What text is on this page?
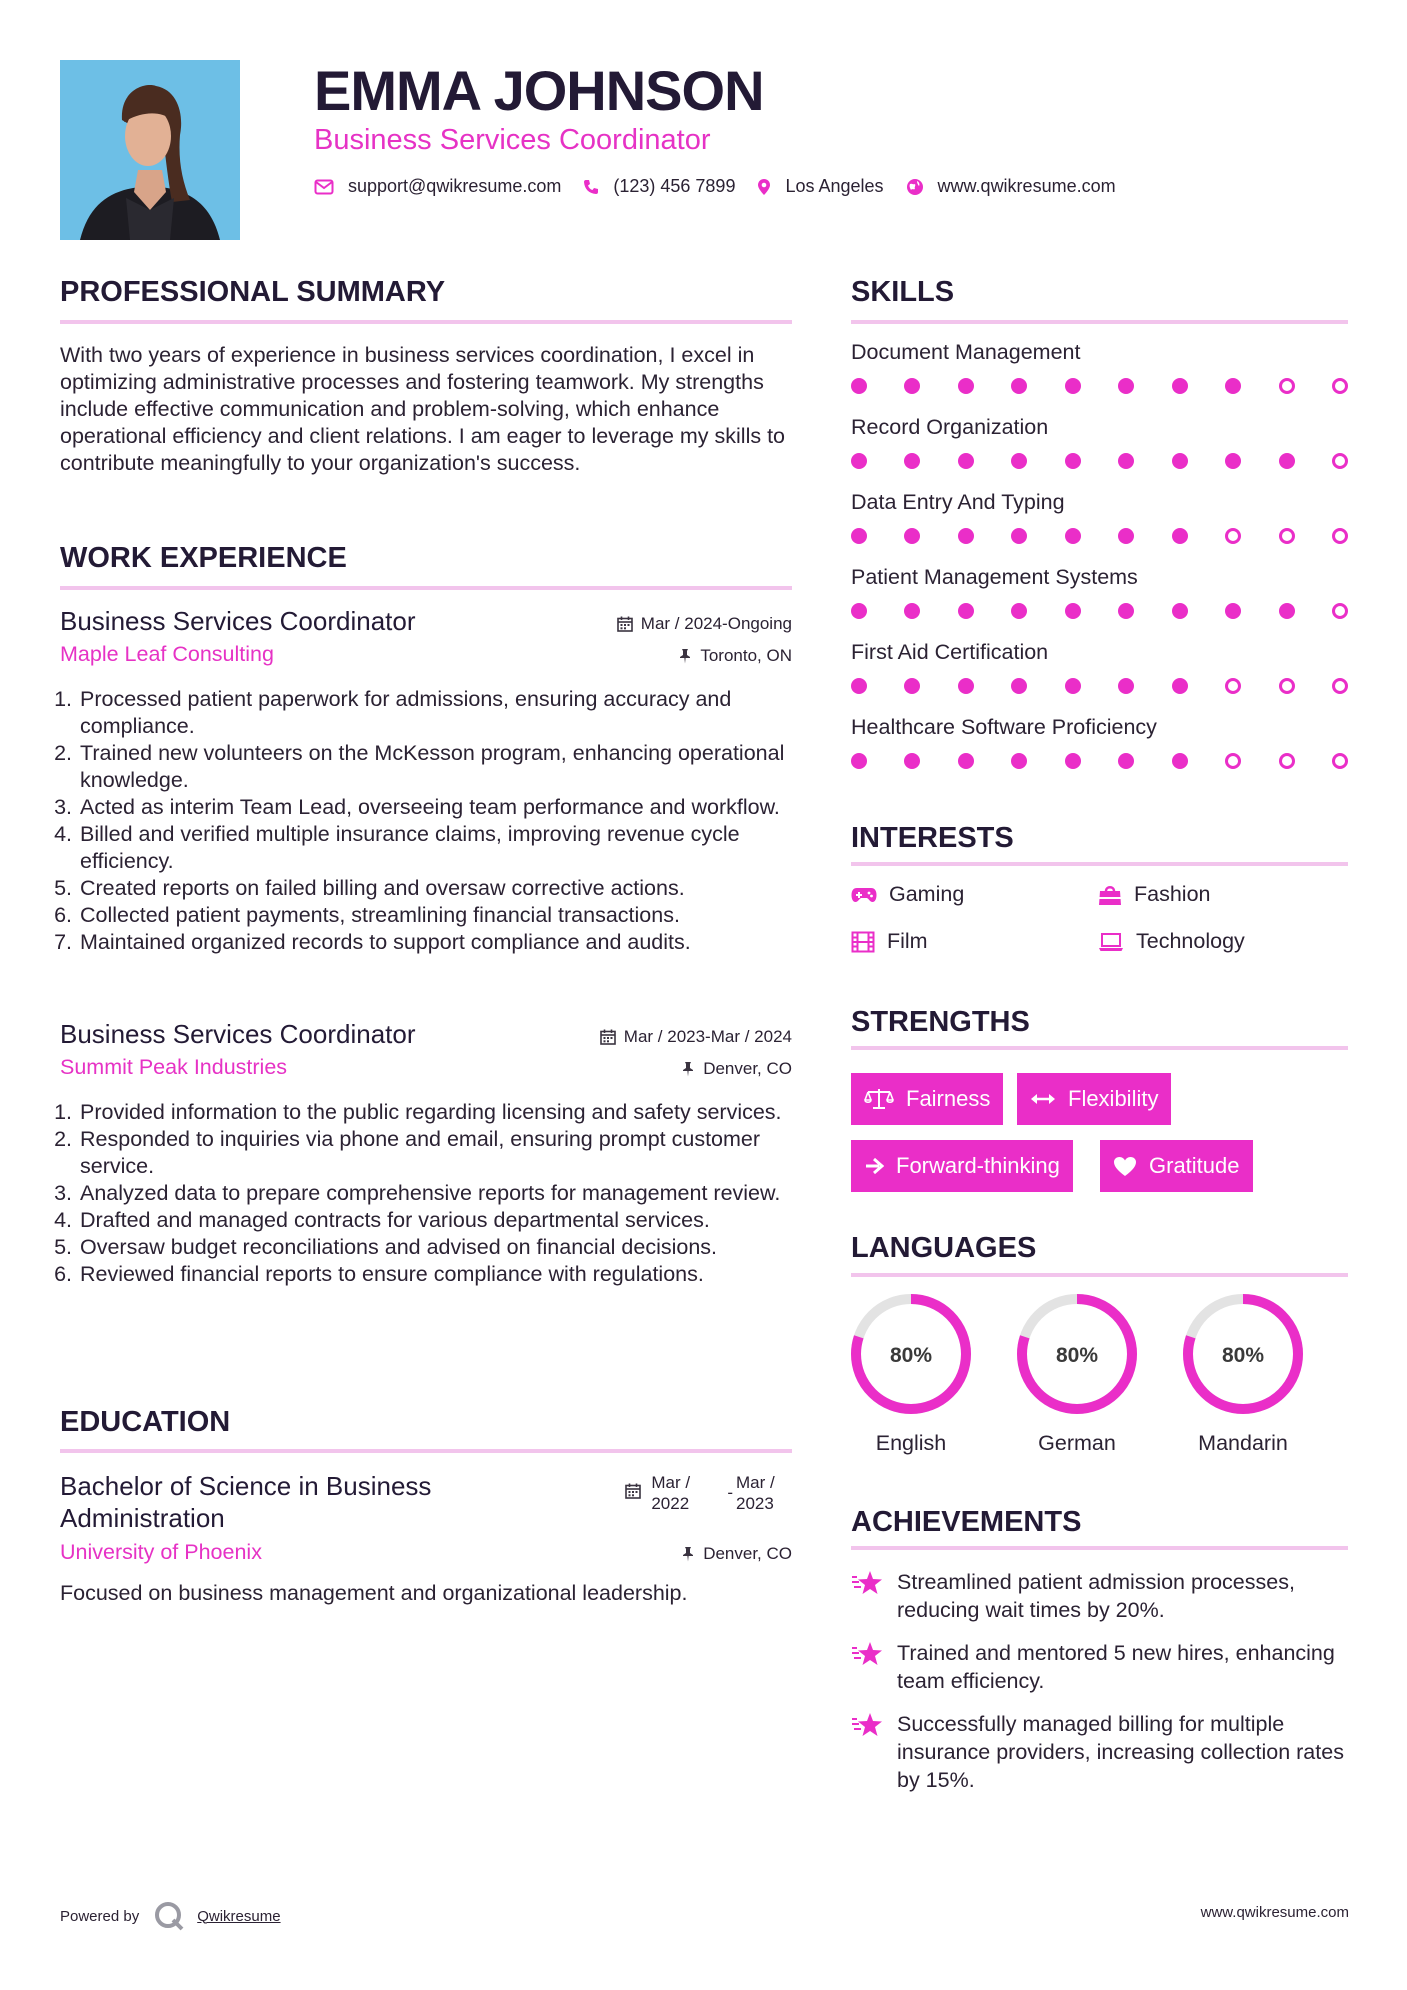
EMMA JOHNSON
Business Services Coordinator
support@qwikresume.com	(123) 456 7899	Los Angeles	www.qwikresume.com
PROFESSIONAL SUMMARY
With two years of experience in business services coordination, I excel in optimizing administrative processes and fostering teamwork. My strengths include effective communication and problem-solving, which enhance operational efficiency and client relations. I am eager to leverage my skills to contribute meaningfully to your organization's success.
WORK EXPERIENCE
Business Services Coordinator	Mar / 2024-Ongoing
Maple Leaf Consulting	Toronto, ON
1. Processed patient paperwork for admissions, ensuring accuracy and compliance.
2. Trained new volunteers on the McKesson program, enhancing operational knowledge.
3. Acted as interim Team Lead, overseeing team performance and workflow.
4. Billed and verified multiple insurance claims, improving revenue cycle efficiency.
5. Created reports on failed billing and oversaw corrective actions.
6. Collected patient payments, streamlining financial transactions.
7. Maintained organized records to support compliance and audits.
Business Services Coordinator	Mar / 2023-Mar / 2024
Summit Peak Industries	Denver, CO
1. Provided information to the public regarding licensing and safety services.
2. Responded to inquiries via phone and email, ensuring prompt customer service.
3. Analyzed data to prepare comprehensive reports for management review.
4. Drafted and managed contracts for various departmental services.
5. Oversaw budget reconciliations and advised on financial decisions.
6. Reviewed financial reports to ensure compliance with regulations.
EDUCATION
Bachelor of Science in Business Administration
Mar / 2022
-
Mar / 2023
University of Phoenix	Denver, CO
Focused on business management and organizational leadership.
SKILLS
Document Management
Record Organization
Data Entry And Typing
Patient Management Systems
First Aid Certification
Healthcare Software Proficiency
INTERESTS
Gaming	Fashion
Film	Technology
STRENGTHS
Fairness	Flexibility
Forward-thinking	Gratitude
LANGUAGES
80%
English
80%
German
80%
Mandarin
ACHIEVEMENTS
Streamlined patient admission processes, reducing wait times by 20%.
Trained and mentored 5 new hires, enhancing team efficiency.
Successfully managed billing for multiple insurance providers, increasing collection rates by 15%.
Powered by	Qwikresume	www.qwikresume.com
